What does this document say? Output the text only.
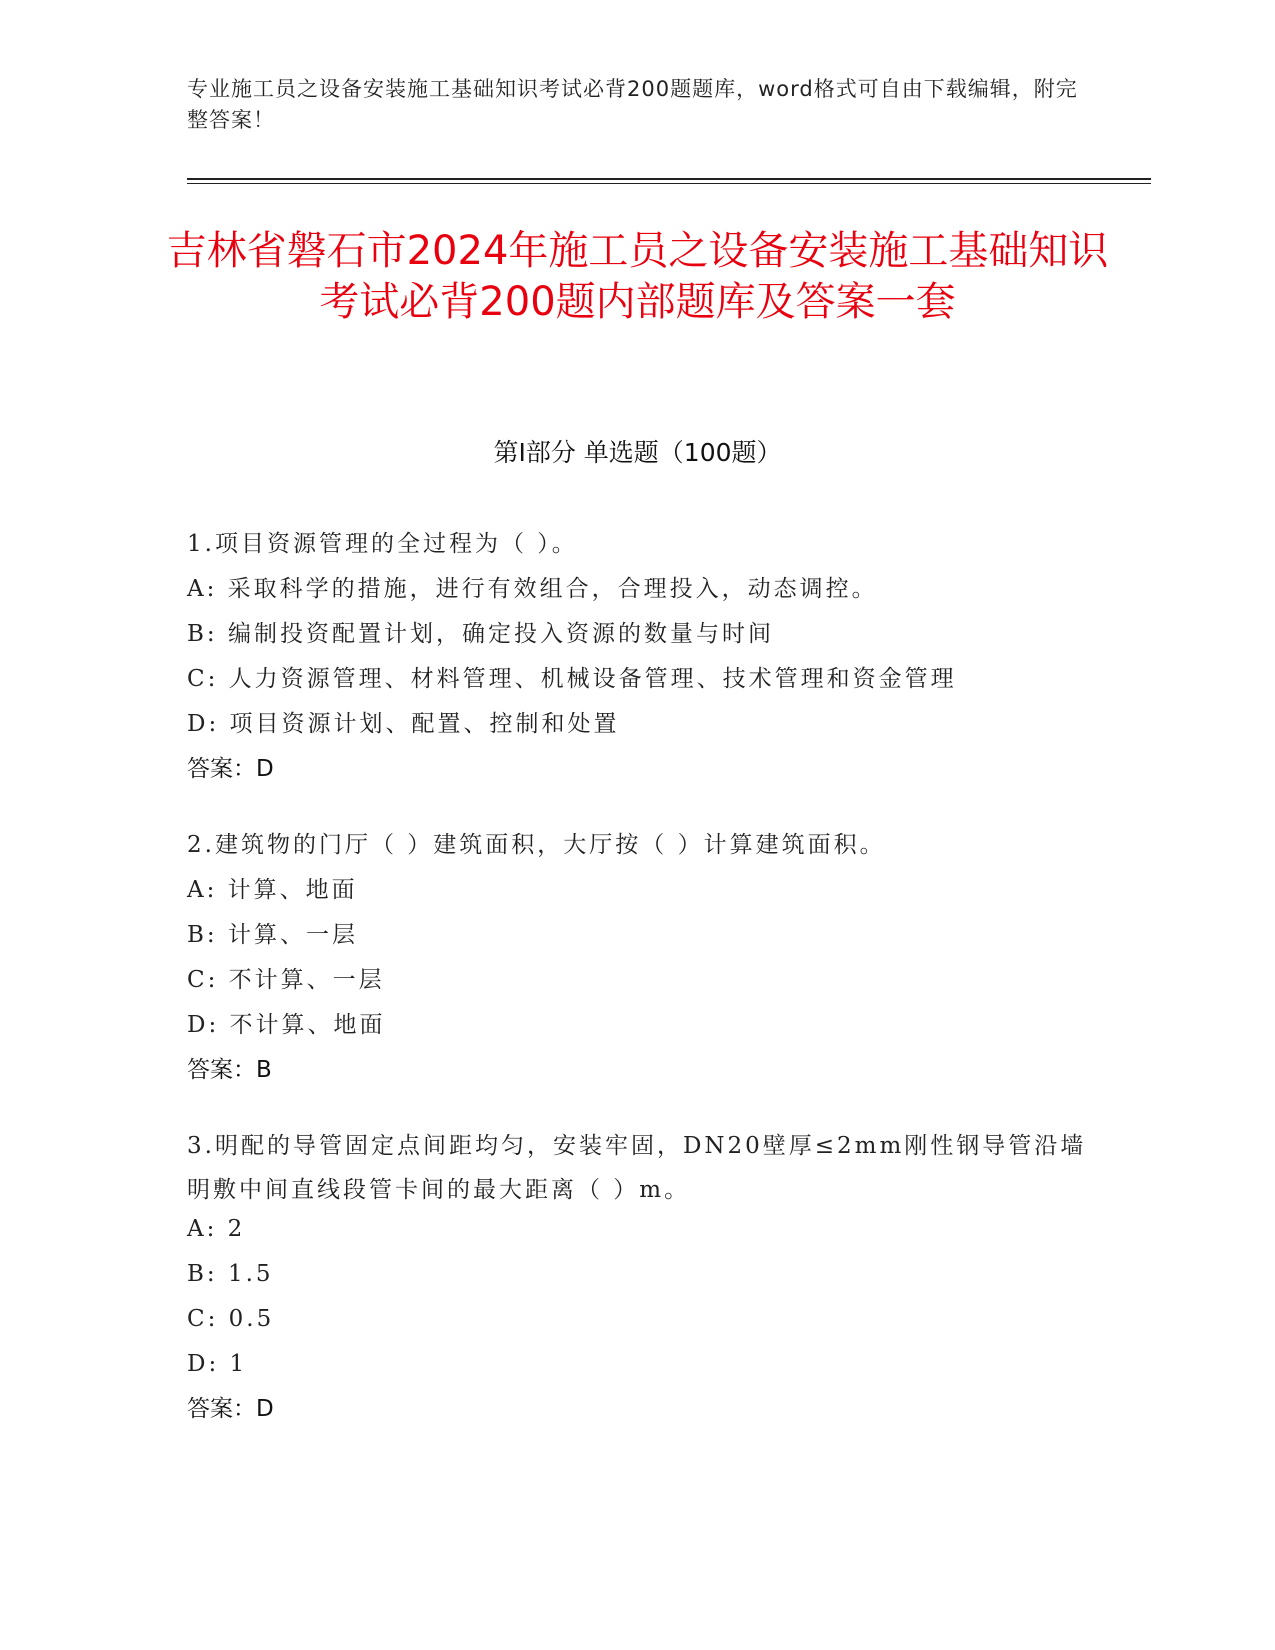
专业施工员之设备安装施工基础知识考试必背200题题库，word格式可自由下载编辑，附完整答案！
吉林省磐石市2024年施工员之设备安装施工基础知识考试必背200题内部题库及答案一套
第Ⅰ部分 单选题（100题）
1.项目资源管理的全过程为（ ）。
A: 采取科学的措施，进行有效组合，合理投入，动态调控。
B: 编制投资配置计划，确定投入资源的数量与时间
C: 人力资源管理、材料管理、机械设备管理、技术管理和资金管理
D: 项目资源计划、配置、控制和处置
答案：D
2.建筑物的门厅（ ）建筑面积，大厅按（ ）计算建筑面积。
A: 计算、地面
B: 计算、一层
C: 不计算、一层
D: 不计算、地面
答案：B
3.明配的导管固定点间距均匀，安装牢固，DN20壁厚≤2mm刚性钢导管沿墙明敷中间直线段管卡间的最大距离（ ）m。
A: 2
B: 1.5
C: 0.5
D: 1
答案：D
